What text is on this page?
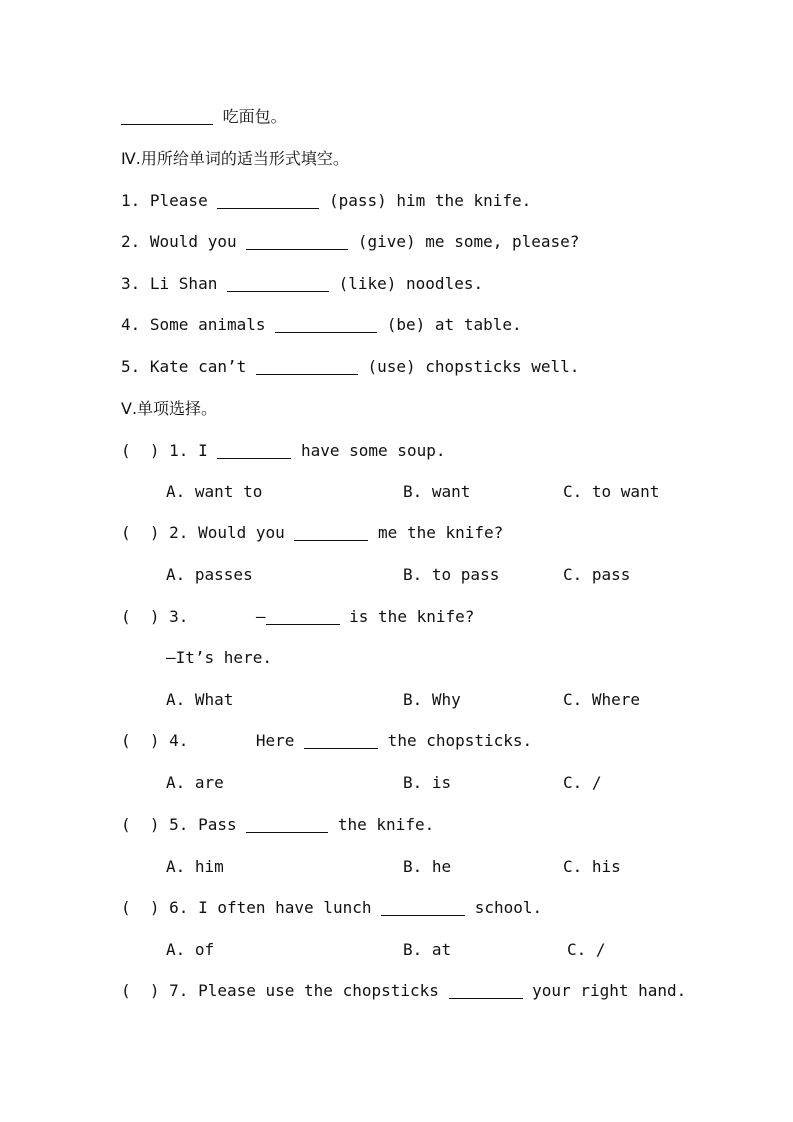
吃面包。
Ⅳ.用所给单词的适当形式填空。
1. Please	(pass) him the knife.
2. Would you	(give) me some, please?
3. Li Shan	(like) noodles.
4. Some animals	(be) at table.
5. Kate can’t	(use) chopsticks well.
Ⅴ.单项选择。
(  ) 1. I	have some soup.
A. want to	B. want	C. to want
(  ) 2. Would you	me the knife?
A. passes	B. to pass	C. pass
(  ) 3.	—	is the knife?
—It’s here.
A. What	B. Why	C. Where
(  ) 4.	Here	the chopsticks.
A. are	B. is	C. /
(  ) 5. Pass	the knife.
A. him	B. he	C. his
(  ) 6. I often have lunch	school.
A. of	B. at	C. /
(  ) 7. Please use the chopsticks	your right hand.
